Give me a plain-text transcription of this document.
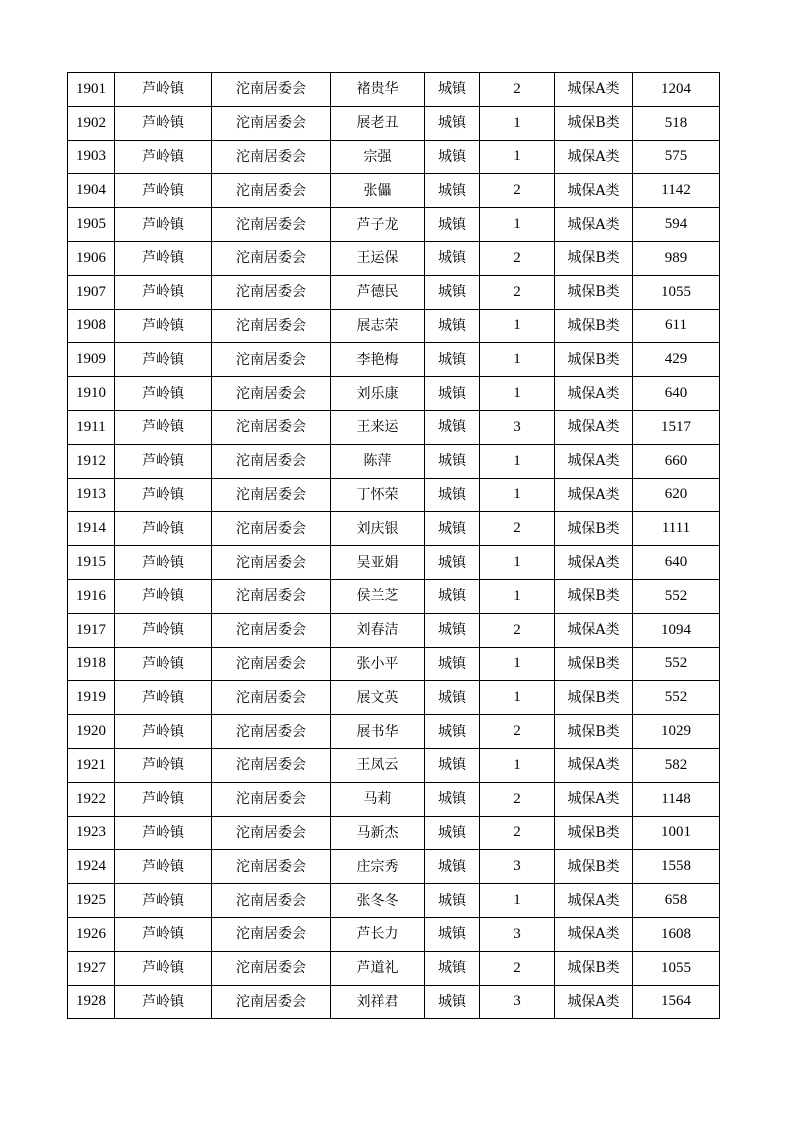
1901	芦岭镇	沱南居委会	褚贵华	城镇	2	城保A类	1204
1902	芦岭镇	沱南居委会	展老丑	城镇	1	城保B类	518
1903	芦岭镇	沱南居委会	宗强	城镇	1	城保A类	575
1904	芦岭镇	沱南居委会	张儡	城镇	2	城保A类	1142
1905	芦岭镇	沱南居委会	芦子龙	城镇	1	城保A类	594
1906	芦岭镇	沱南居委会	王运保	城镇	2	城保B类	989
1907	芦岭镇	沱南居委会	芦德民	城镇	2	城保B类	1055
1908	芦岭镇	沱南居委会	展志荣	城镇	1	城保B类	611
1909	芦岭镇	沱南居委会	李艳梅	城镇	1	城保B类	429
1910	芦岭镇	沱南居委会	刘乐康	城镇	1	城保A类	640
1911	芦岭镇	沱南居委会	王来运	城镇	3	城保A类	1517
1912	芦岭镇	沱南居委会	陈萍	城镇	1	城保A类	660
1913	芦岭镇	沱南居委会	丁怀荣	城镇	1	城保A类	620
1914	芦岭镇	沱南居委会	刘庆银	城镇	2	城保B类	1111
1915	芦岭镇	沱南居委会	吴亚娟	城镇	1	城保A类	640
1916	芦岭镇	沱南居委会	侯兰芝	城镇	1	城保B类	552
1917	芦岭镇	沱南居委会	刘春洁	城镇	2	城保A类	1094
1918	芦岭镇	沱南居委会	张小平	城镇	1	城保B类	552
1919	芦岭镇	沱南居委会	展文英	城镇	1	城保B类	552
1920	芦岭镇	沱南居委会	展书华	城镇	2	城保B类	1029
1921	芦岭镇	沱南居委会	王凤云	城镇	1	城保A类	582
1922	芦岭镇	沱南居委会	马莉	城镇	2	城保A类	1148
1923	芦岭镇	沱南居委会	马新杰	城镇	2	城保B类	1001
1924	芦岭镇	沱南居委会	庄宗秀	城镇	3	城保B类	1558
1925	芦岭镇	沱南居委会	张冬冬	城镇	1	城保A类	658
1926	芦岭镇	沱南居委会	芦长力	城镇	3	城保A类	1608
1927	芦岭镇	沱南居委会	芦道礼	城镇	2	城保B类	1055
1928	芦岭镇	沱南居委会	刘祥君	城镇	3	城保A类	1564
